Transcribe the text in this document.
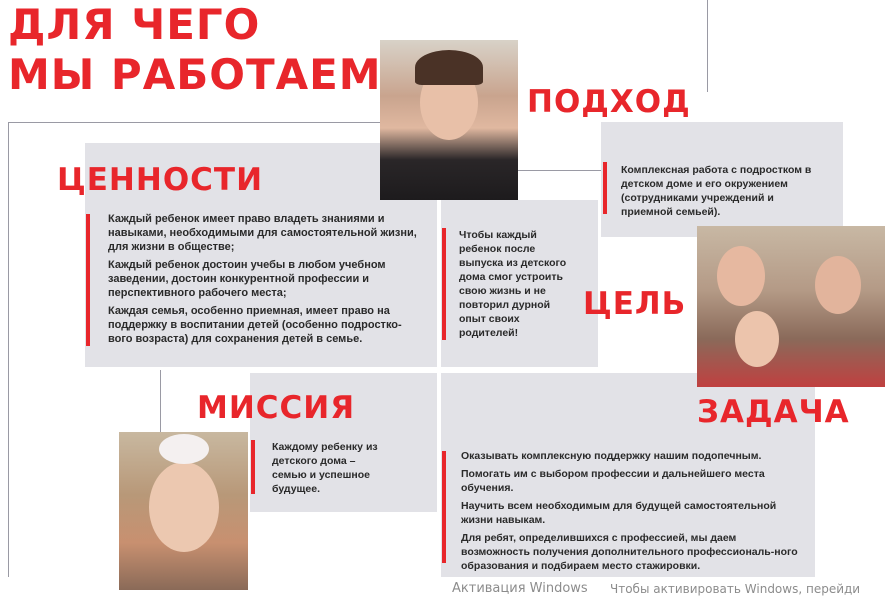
ДЛЯ ЧЕГО
МЫ РАБОТАЕМ
ЦЕННОСТИ

Каждый ребенок имеет право владеть знаниями и навыками, необходимыми для самостоятельной жизни, для жизни в обществе;

Каждый ребенок достоин учебы в любом учебном заведении, достоин конкурентной профессии и перспективного рабочего места;

Каждая семья, особенно приемная, имеет право на поддержку в воспитании детей (особенно подростко-вого возраста) для сохранения детей в семье.

ПОДХОД
Комплексная работа с подростком в детском доме и его окружением (сотрудниками учреждений и приемной семьей).
Чтобы каждый ребенок после выпуска из детского дома смог устроить свою жизнь и не повторил дурной опыт своих родителей!
ЦЕЛЬ
МИССИЯ
Каждому ребенку из детского дома – семью и успешное будущее.
ЗАДАЧА

Оказывать комплексную поддержку нашим подопечным.

Помогать им с выбором профессии и дальнейшего места обучения.

Научить всем необходимым для будущей самостоятельной жизни навыкам.

Для ребят, определившихся с профессией, мы даем возможность получения дополнительного профессиональ-ного образования и подбираем место стажировки.

Активация Windows Чтобы активировать Windows, перейди
